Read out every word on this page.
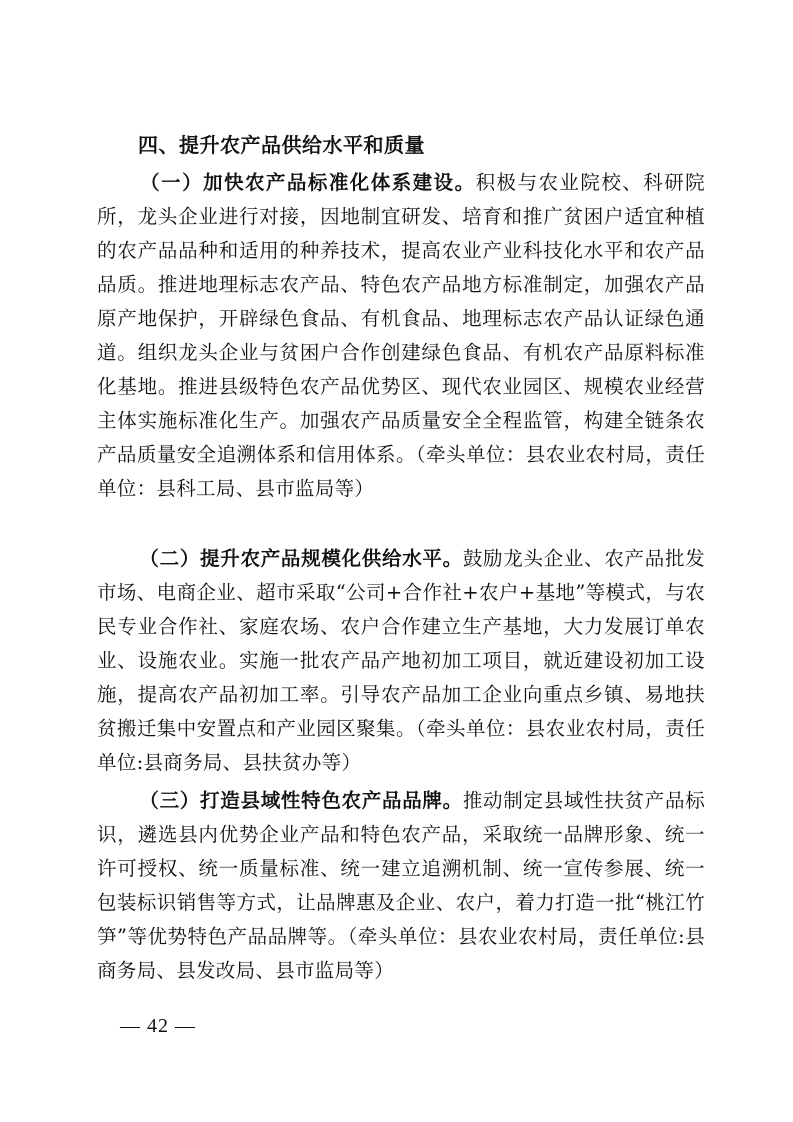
四、提升农产品供给水平和质量
（一）加快农产品标准化体系建设。积极与农业院校、科研院所，龙头企业进行对接，因地制宜研发、培育和推广贫困户适宜种植的农产品品种和适用的种养技术，提高农业产业科技化水平和农产品品质。推进地理标志农产品、特色农产品地方标准制定，加强农产品原产地保护，开辟绿色食品、有机食品、地理标志农产品认证绿色通道。组织龙头企业与贫困户合作创建绿色食品、有机农产品原料标准化基地。推进县级特色农产品优势区、现代农业园区、规模农业经营主体实施标准化生产。加强农产品质量安全全程监管，构建全链条农产品质量安全追溯体系和信用体系。（牵头单位：县农业农村局，责任单位：县科工局、县市监局等）
（二）提升农产品规模化供给水平。鼓励龙头企业、农产品批发市场、电商企业、超市采取“公司+合作社+农户+基地”等模式，与农民专业合作社、家庭农场、农户合作建立生产基地，大力发展订单农业、设施农业。实施一批农产品产地初加工项目，就近建设初加工设施，提高农产品初加工率。引导农产品加工企业向重点乡镇、易地扶贫搬迁集中安置点和产业园区聚集。（牵头单位：县农业农村局，责任单位:县商务局、县扶贫办等）
（三）打造县域性特色农产品品牌。推动制定县域性扶贫产品标识，遴选县内优势企业产品和特色农产品，采取统一品牌形象、统一许可授权、统一质量标准、统一建立追溯机制、统一宣传参展、统一包装标识销售等方式，让品牌惠及企业、农户，着力打造一批“桃江竹笋”等优势特色产品品牌等。（牵头单位：县农业农村局，责任单位:县商务局、县发改局、县市监局等）
— 42 —
